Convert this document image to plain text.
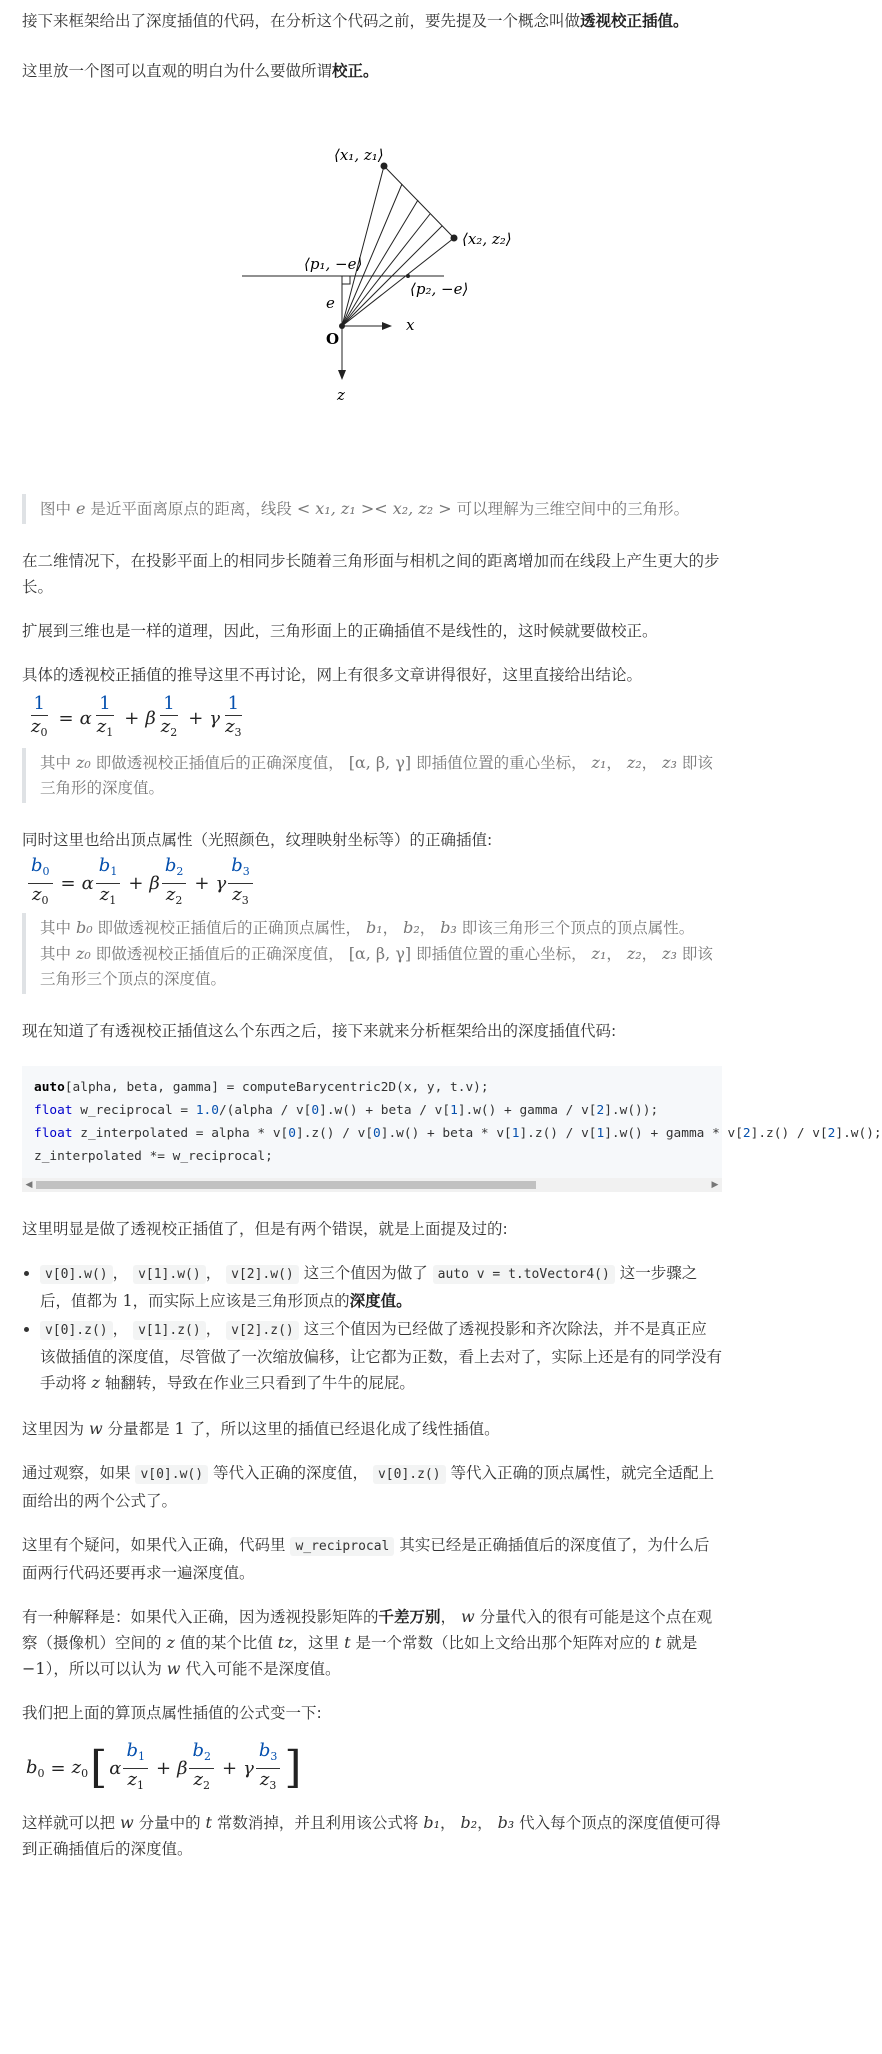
接下来框架给出了深度插值的代码，在分析这个代码之前，要先提及一个概念叫做透视校正插值。

这里放一个图可以直观的明白为什么要做所谓校正。

⟨x₁, z₁⟩
⟨x₂, z₂⟩
⟨p₁, −e⟩
⟨p₂, −e⟩
e
x
O
z
图中 e 是近平面离原点的距离，线段 < x₁, z₁ >< x₂, z₂ > 可以理解为三维空间中的三角形。

在二维情况下，在投影平面上的相同步长随着三角形面与相机之间的距离增加而在线段上产生更大的步长。

扩展到三维也是一样的道理，因此，三角形面上的正确插值不是线性的，这时候就要做校正。

具体的透视校正插值的推导这里不再讨论，网上有很多文章讲得很好，这里直接给出结论。

$\frac{1}{z_0} = \alpha \frac{1}{z_1} + \beta \frac{1}{z_2} + \gamma \frac{1}{z_3}$
其中 z₀ 即做透视校正插值后的正确深度值， [α, β, γ] 即插值位置的重心坐标， z₁， z₂， z₃ 即该三角形的深度值。

同时这里也给出顶点属性（光照颜色，纹理映射坐标等）的正确插值:

$\frac{b_0}{z_0} = \alpha \frac{b_1}{z_1} + \beta \frac{b_2}{z_2} + \gamma \frac{b_3}{z_3}$
其中 b₀ 即做透视校正插值后的正确顶点属性， b₁， b₂， b₃ 即该三角形三个顶点的顶点属性。
其中 z₀ 即做透视校正插值后的正确深度值， [α, β, γ] 即插值位置的重心坐标， z₁， z₂， z₃ 即该三角形三个顶点的深度值。

现在知道了有透视校正插值这么个东西之后，接下来就来分析框架给出的深度插值代码:

auto[alpha, beta, gamma] = computeBarycentric2D(x, y, t.v);
float w_reciprocal = 1.0/(alpha / v[0].w() + beta / v[1].w() + gamma / v[2].w());
float z_interpolated = alpha * v[0].z() / v[0].w() + beta * v[1].z() / v[1].w() + gamma * v[2].z() / v[2].w();
z_interpolated *= w_reciprocal;
◀	▶

这里明显是做了透视校正插值了，但是有两个错误，就是上面提及过的:

• v[0].w() ， v[1].w() ， v[2].w() 这三个值因为做了 auto v = t.toVector4() 这一步骤之后，值都为 1，而实际上应该是三角形顶点的深度值。
• v[0].z() ， v[1].z() ， v[2].z() 这三个值因为已经做了透视投影和齐次除法，并不是真正应该做插值的深度值，尽管做了一次缩放偏移，让它都为正数，看上去对了，实际上还是有的同学没有手动将 z 轴翻转，导致在作业三只看到了牛牛的屁屁。

这里因为 w 分量都是 1 了，所以这里的插值已经退化成了线性插值。

通过观察，如果 v[0].w() 等代入正确的深度值， v[0].z() 等代入正确的顶点属性，就完全适配上面给出的两个公式了。

这里有个疑问，如果代入正确，代码里 w_reciprocal 其实已经是正确插值后的深度值了，为什么后面两行代码还要再求一遍深度值。

有一种解释是：如果代入正确，因为透视投影矩阵的千差万别， w 分量代入的很有可能是这个点在观察（摄像机）空间的 z 值的某个比值 tz，这里 t 是一个常数（比如上文给出那个矩阵对应的 t 就是 −1），所以可以认为 w 代入可能不是深度值。

我们把上面的算顶点属性插值的公式变一下:

$b_0 = z_0$ [ α $\frac{b_1}{z_1} + \beta \frac{b_2}{z_2} + \gamma \frac{b_3}{z_3}$ ]

这样就可以把 w 分量中的 t 常数消掉，并且利用该公式将 b₁， b₂， b₃ 代入每个顶点的深度值便可得到正确插值后的深度值。
